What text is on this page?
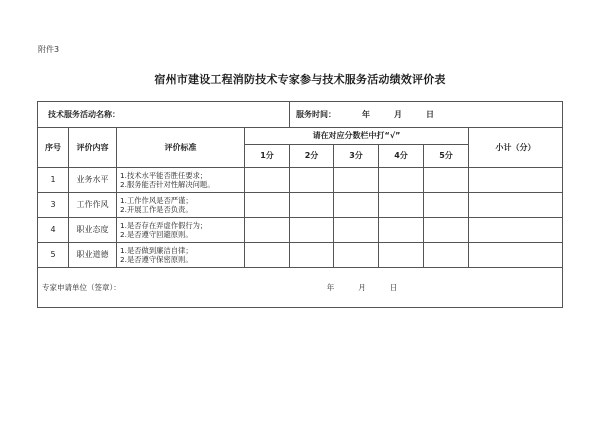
附件3
宿州市建设工程消防技术专家参与技术服务活动绩效评价表
技术服务活动名称：				服务时间： 年 月 日				
序号	评价内容	评价标准	请在对应分数栏中打“√”					小计（分）
			1分	2分	3分	4分	5分	
1	业务水平	1.技术水平能否胜任要求；
2.服务能否针对性解决问题。						

3	工作作风	1.工作作风是否严谨；
2.开展工作是否负责。						

4	职业态度	1.是否存在弄虚作假行为；
2.是否遵守回避原则。						

5	职业道德	1.是否做到廉洁自律；
2.是否遵守保密原则。						

专家申请单位（签章）： 年 月 日								
